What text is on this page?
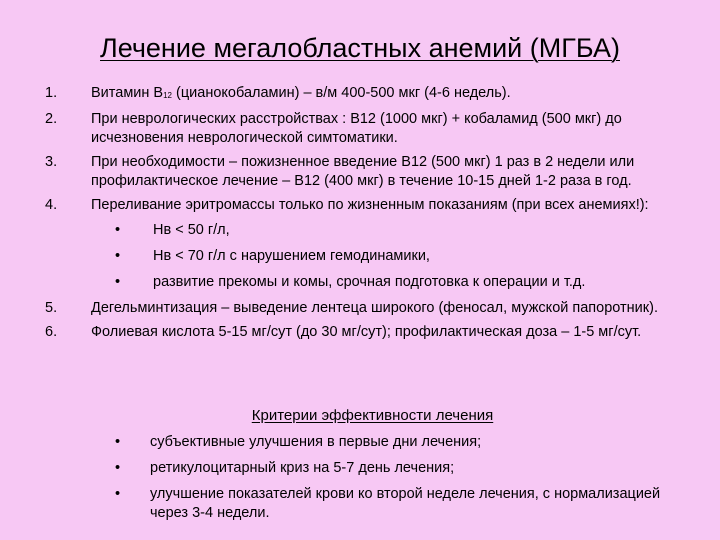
Лечение мегалобластных анемий (МГБА)
1. Витамин $В_{12}$ (цианокобаламин) – в/м 400-500 мкг (4-6 недель).
2. При неврологических расстройствах : В12 (1000 мкг) + кобаламид (500 мкг) до исчезновения неврологической симтоматики.
3. При необходимости – пожизненное введение В12 (500 мкг) 1 раз в 2 недели или профилактическое лечение – В12 (400 мкг) в течение 10-15 дней 1-2 раза в год.
4. Переливание эритромассы только по жизненным показаниям (при всех анемиях!):
• Нв < 50 г/л,
• Нв < 70 г/л с нарушением гемодинамики,
• развитие прекомы и комы, срочная подготовка к операции и т.д.
5. Дегельминтизация – выведение лентеца широкого (феносал, мужской папоротник).
6. Фолиевая кислота 5-15 мг/сут (до 30 мг/сут); профилактическая доза – 1-5 мг/сут.
Критерии эффективности лечения
• субъективные улучшения в первые дни лечения;
• ретикулоцитарный криз на 5-7 день лечения;
• улучшение показателей крови ко второй неделе лечения, с нормализацией через 3-4 недели.
